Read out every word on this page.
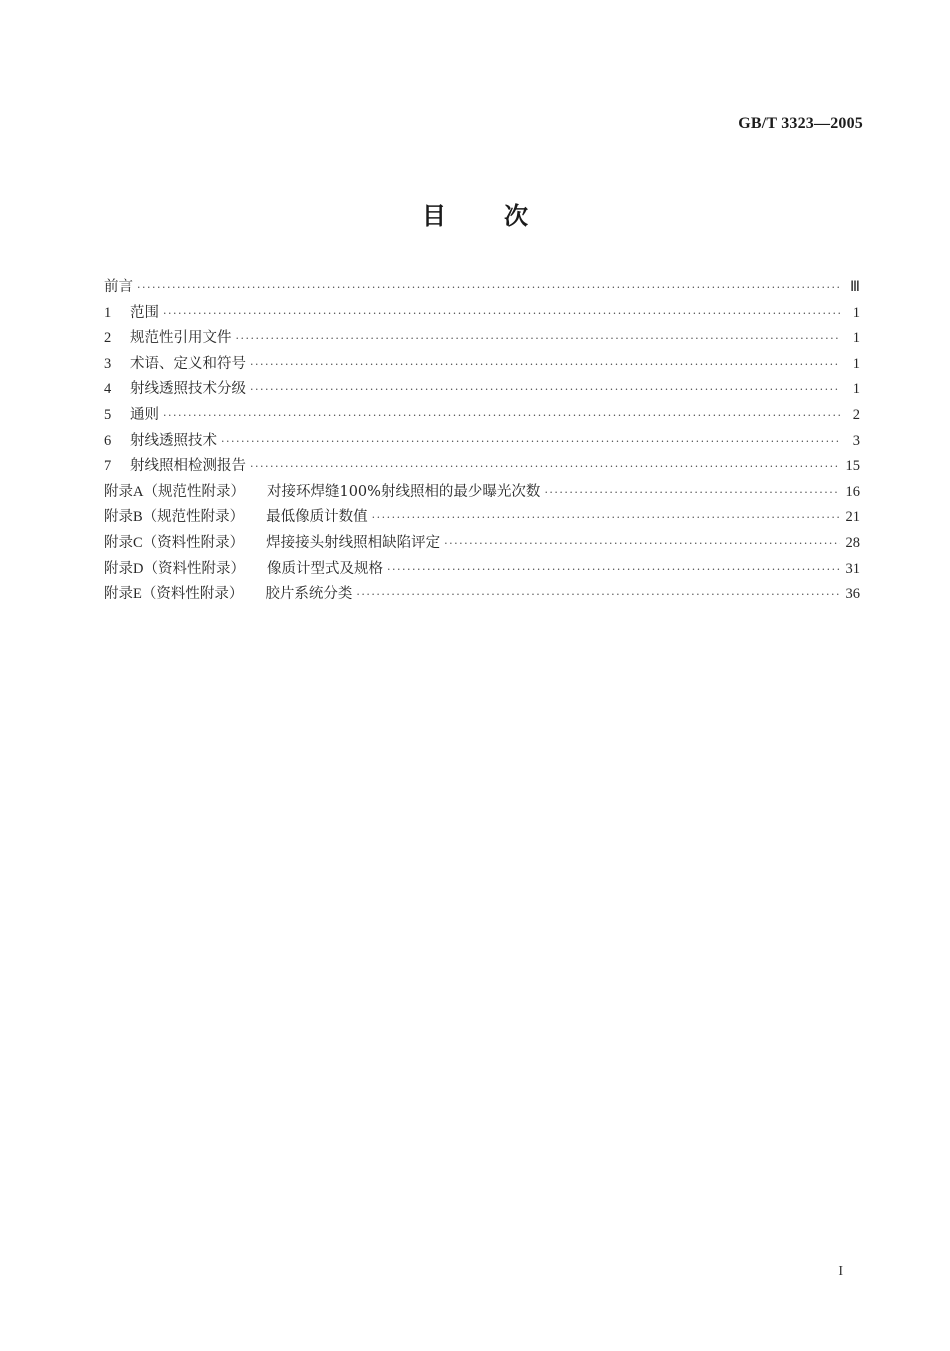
GB/T 3323—2005
目 次
前言 ·····	Ⅲ
1 范围 ·····	1
2 规范性引用文件 ·····	1
3 术语、定义和符号 ·····	1
4 射线透照技术分级 ·····	1
5 通则 ·····	2
6 射线透照技术 ·····	3
7 射线照相检测报告 ·····	15
附录A（规范性附录） 对接环焊缝100%射线照相的最少曝光次数 ·····	16
附录B（规范性附录） 最低像质计数值 ·····	21
附录C（资料性附录） 焊接接头射线照相缺陷评定 ·····	28
附录D（资料性附录） 像质计型式及规格 ·····	31
附录E（资料性附录） 胶片系统分类 ·····	36
I
